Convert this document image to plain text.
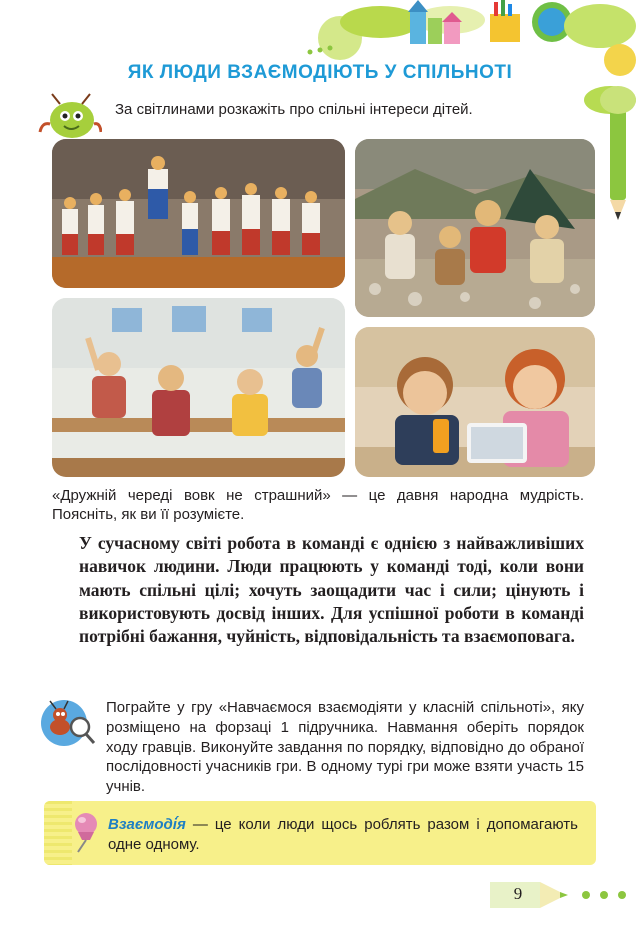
ЯК ЛЮДИ ВЗАЄМОДІЮТЬ У СПІЛЬНОТІ
За світлинами розкажіть про спільні інтереси дітей.
«Дружній череді вовк не страшний» — це давня народна мудрість. Поясніть, як ви її розумієте.
У сучасному світі робота в команді є однією з найважливіших навичок людини. Люди працюють у команді тоді, коли вони мають спільні цілі; хочуть заощадити час і сили; цінують і використовують досвід інших. Для успішної роботи в команді потрібні бажання, чуйність, відповідальність та взаємоповага.
Пограйте у гру «Навчаємося взаємодіяти у класній спільноті», яку розміщено на форзаці 1 підручника. Навмання оберіть порядок ходу гравців. Виконуйте завдання по порядку, відповідно до обраної послідовності учасників гри. В одному турі гри може взяти участь 15 учнів.
Взаємоді́я — це коли люди щось роблять разом і допомагають одне одному.
9
